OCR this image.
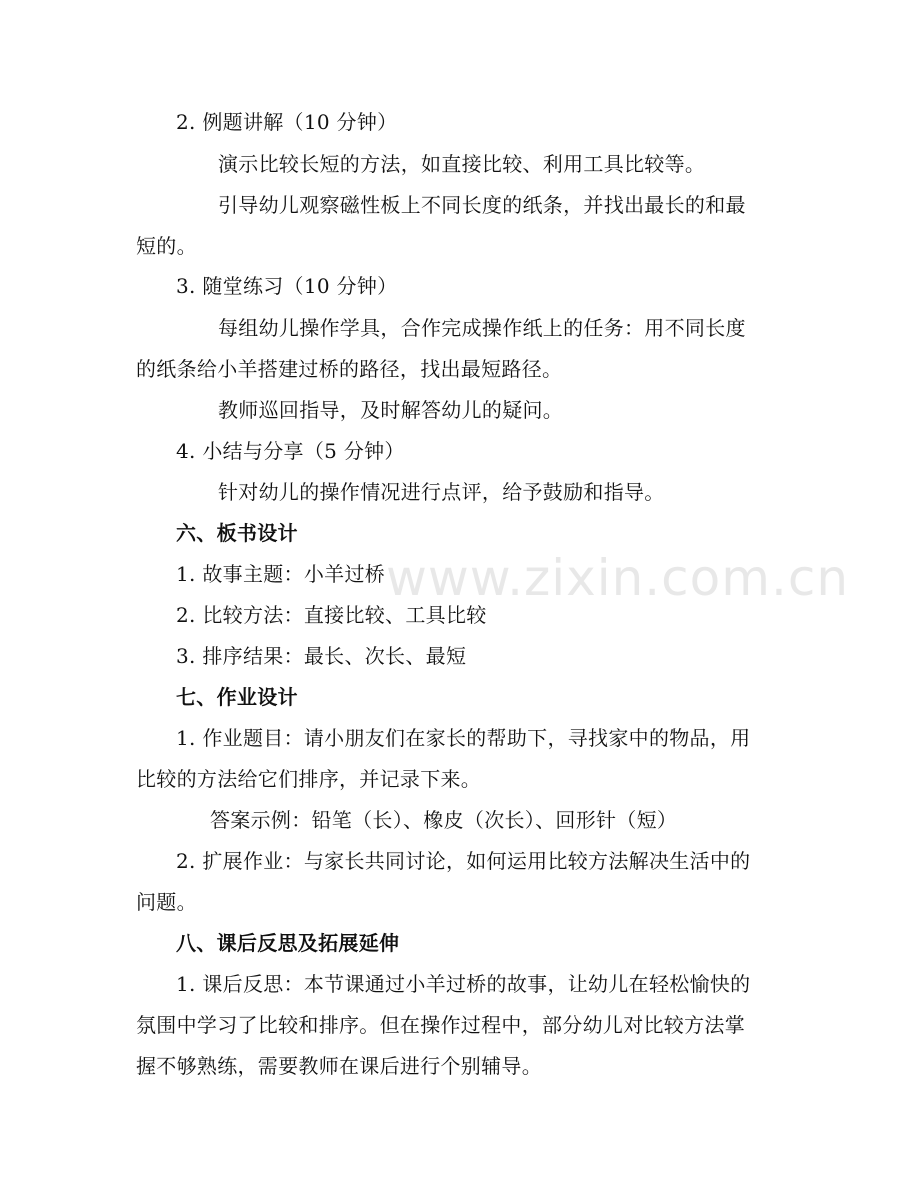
www.zixin.com.cn
2. 例题讲解（10 分钟）
演示比较长短的方法，如直接比较、利用工具比较等。
引导幼儿观察磁性板上不同长度的纸条，并找出最长的和最
短的。
3. 随堂练习（10 分钟）
每组幼儿操作学具，合作完成操作纸上的任务：用不同长度
的纸条给小羊搭建过桥的路径，找出最短路径。
教师巡回指导，及时解答幼儿的疑问。
4. 小结与分享（5 分钟）
针对幼儿的操作情况进行点评，给予鼓励和指导。
六、板书设计
1. 故事主题：小羊过桥
2. 比较方法：直接比较、工具比较
3. 排序结果：最长、次长、最短
七、作业设计
1. 作业题目：请小朋友们在家长的帮助下，寻找家中的物品，用
比较的方法给它们排序，并记录下来。
答案示例：铅笔（长）、橡皮（次长）、回形针（短）
2. 扩展作业：与家长共同讨论，如何运用比较方法解决生活中的
问题。
八、课后反思及拓展延伸
1. 课后反思：本节课通过小羊过桥的故事，让幼儿在轻松愉快的
氛围中学习了比较和排序。但在操作过程中，部分幼儿对比较方法掌
握不够熟练，需要教师在课后进行个别辅导。
